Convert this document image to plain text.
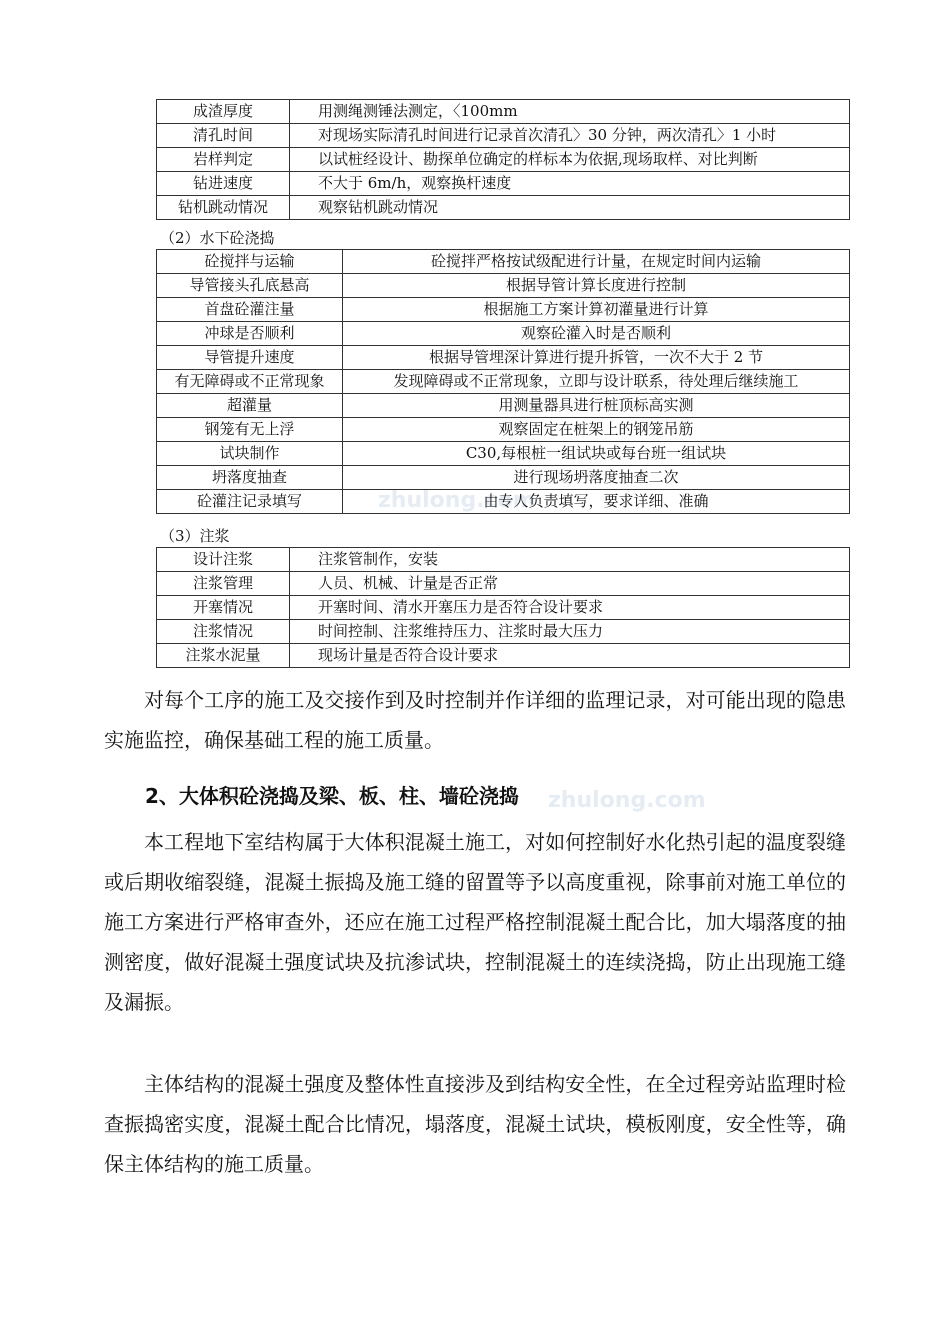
zhulong.com
zhulong.com
成渣厚度	用测绳测锤法测定，〈100mm
清孔时间	对现场实际清孔时间进行记录首次清孔〉30 分钟，两次清孔〉1 小时
岩样判定	以试桩经设计、勘探单位确定的样标本为依据,现场取样、对比判断
钻进速度	不大于 6m/h，观察换杆速度
钻机跳动情况	观察钻机跳动情况
（2）水下砼浇捣
砼搅拌与运输	砼搅拌严格按试级配进行计量，在规定时间内运输
导管接头孔底悬高	根据导管计算长度进行控制
首盘砼灌注量	根据施工方案计算初灌量进行计算
冲球是否顺利	观察砼灌入时是否顺利
导管提升速度	根据导管埋深计算进行提升拆管，一次不大于 2 节
有无障碍或不正常现象	发现障碍或不正常现象，立即与设计联系，待处理后继续施工
超灌量	用测量器具进行桩顶标高实测
钢笼有无上浮	观察固定在桩架上的钢笼吊筋
试块制作	C30,每根桩一组试块或每台班一组试块
坍落度抽查	进行现场坍落度抽查二次
砼灌注记录填写	由专人负责填写，要求详细、准确
（3）注浆
设计注浆	注浆管制作，安装
注浆管理	人员、机械、计量是否正常
开塞情况	开塞时间、清水开塞压力是否符合设计要求
注浆情况	时间控制、注浆维持压力、注浆时最大压力
注浆水泥量	现场计量是否符合设计要求
对每个工序的施工及交接作到及时控制并作详细的监理记录，对可能出现的隐患实施监控，确保基础工程的施工质量。
2、大体积砼浇捣及梁、板、柱、墙砼浇捣
本工程地下室结构属于大体积混凝土施工，对如何控制好水化热引起的温度裂缝或后期收缩裂缝，混凝土振捣及施工缝的留置等予以高度重视，除事前对施工单位的施工方案进行严格审查外，还应在施工过程严格控制混凝土配合比，加大塌落度的抽测密度，做好混凝土强度试块及抗渗试块，控制混凝土的连续浇捣，防止出现施工缝及漏振。
主体结构的混凝土强度及整体性直接涉及到结构安全性，在全过程旁站监理时检查振捣密实度，混凝土配合比情况，塌落度，混凝土试块，模板刚度，安全性等，确保主体结构的施工质量。
